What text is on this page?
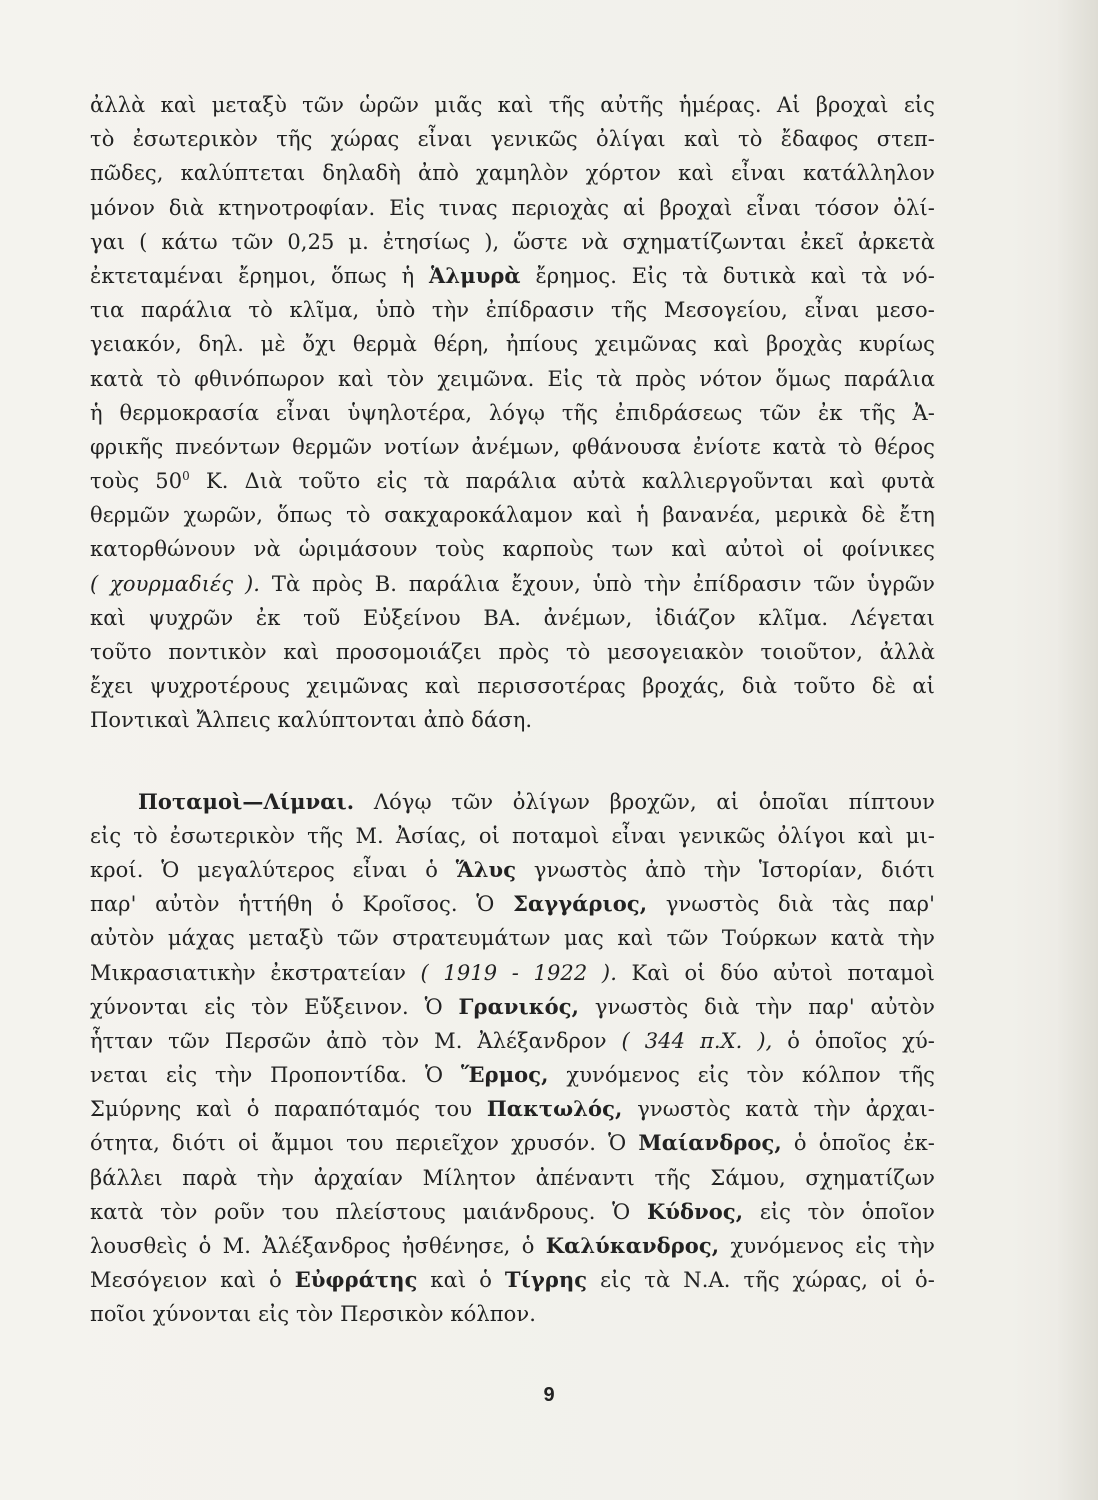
ἀλλὰ καὶ μεταξὺ τῶν ὡρῶν μιᾶς καὶ τῆς αὐτῆς ἡμέρας. Αἱ βροχαὶ εἰς
τὸ ἐσωτερικὸν τῆς χώρας εἶναι γενικῶς ὀλίγαι καὶ τὸ ἔδαφος στεπ-
πῶδες, καλύπτεται δηλαδὴ ἀπὸ χαμηλὸν χόρτον καὶ εἶναι κατάλληλον
μόνον διὰ κτηνοτροφίαν. Εἰς τινας περιοχὰς αἱ βροχαὶ εἶναι τόσον ὀλί-
γαι ( κάτω τῶν 0,25 μ. ἐτησίως ), ὥστε νὰ σχηματίζωνται ἐκεῖ ἀρκετὰ
ἐκτεταμέναι ἔρημοι, ὅπως ἡ Ἁλμυρὰ ἔρημος. Εἰς τὰ δυτικὰ καὶ τὰ νό-
τια παράλια τὸ κλῖμα, ὑπὸ τὴν ἐπίδρασιν τῆς Μεσογείου, εἶναι μεσο-
γειακόν, δηλ. μὲ ὄχι θερμὰ θέρη, ἠπίους χειμῶνας καὶ βροχὰς κυρίως
κατὰ τὸ φθινόπωρον καὶ τὸν χειμῶνα. Εἰς τὰ πρὸς νότον ὅμως παράλια
ἡ θερμοκρασία εἶναι ὑψηλοτέρα, λόγῳ τῆς ἐπιδράσεως τῶν ἐκ τῆς Ἀ-
φρικῆς πνεόντων θερμῶν νοτίων ἀνέμων, φθάνουσα ἐνίοτε κατὰ τὸ θέρος
τοὺς $50^0$ Κ. Διὰ τοῦτο εἰς τὰ παράλια αὐτὰ καλλιεργοῦνται καὶ φυτὰ
θερμῶν χωρῶν, ὅπως τὸ σακχαροκάλαμον καὶ ἡ βανανέα, μερικὰ δὲ ἔτη
κατορθώνουν νὰ ὡριμάσουν τοὺς καρποὺς των καὶ αὐτοὶ οἱ φοίνικες
( χουρμαδιές ). Τὰ πρὸς Β. παράλια ἔχουν, ὑπὸ τὴν ἐπίδρασιν τῶν ὑγρῶν
καὶ ψυχρῶν ἐκ τοῦ Εὐξείνου ΒΑ. ἀνέμων, ἰδιάζον κλῖμα. Λέγεται
τοῦτο ποντικὸν καὶ προσομοιάζει πρὸς τὸ μεσογειακὸν τοιοῦτον, ἀλλὰ
ἔχει ψυχροτέρους χειμῶνας καὶ περισσοτέρας βροχάς, διὰ τοῦτο δὲ αἱ
Ποντικαὶ Ἄλπεις καλύπτονται ἀπὸ δάση.
Ποταμοὶ—Λίμναι. Λόγῳ τῶν ὀλίγων βροχῶν, αἱ ὁποῖαι πίπτουν
εἰς τὸ ἐσωτερικὸν τῆς Μ. Ἀσίας, οἱ ποταμοὶ εἶναι γενικῶς ὀλίγοι καὶ μι-
κροί. Ὁ μεγαλύτερος εἶναι ὁ Ἅλυς γνωστὸς ἀπὸ τὴν Ἱστορίαν, διότι
παρ' αὐτὸν ἡττήθη ὁ Κροῖσος. Ὁ Σαγγάριος, γνωστὸς διὰ τὰς παρ'
αὐτὸν μάχας μεταξὺ τῶν στρατευμάτων μας καὶ τῶν Τούρκων κατὰ τὴν
Μικρασιατικὴν ἐκστρατείαν ( 1919 - 1922 ). Καὶ οἱ δύο αὐτοὶ ποταμοὶ
χύνονται εἰς τὸν Εὔξεινον. Ὁ Γρανικός, γνωστὸς διὰ τὴν παρ' αὐτὸν
ἧτταν τῶν Περσῶν ἀπὸ τὸν Μ. Ἀλέξανδρον ( 344 π.Χ. ), ὁ ὁποῖος χύ-
νεται εἰς τὴν Προποντίδα. Ὁ Ἕρμος, χυνόμενος εἰς τὸν κόλπον τῆς
Σμύρνης καὶ ὁ παραπόταμός του Πακτωλός, γνωστὸς κατὰ τὴν ἀρχαι-
ότητα, διότι οἱ ἄμμοι του περιεῖχον χρυσόν. Ὁ Μαίανδρος, ὁ ὁποῖος ἐκ-
βάλλει παρὰ τὴν ἀρχαίαν Μίλητον ἀπέναντι τῆς Σάμου, σχηματίζων
κατὰ τὸν ροῦν του πλείστους μαιάνδρους. Ὁ Κύδνος, εἰς τὸν ὁποῖον
λουσθεὶς ὁ Μ. Ἀλέξανδρος ἠσθένησε, ὁ Καλύκανδρος, χυνόμενος εἰς τὴν
Μεσόγειον καὶ ὁ Εὐφράτης καὶ ὁ Τίγρης εἰς τὰ Ν.Α. τῆς χώρας, οἱ ὁ-
ποῖοι χύνονται εἰς τὸν Περσικὸν κόλπον.
9
